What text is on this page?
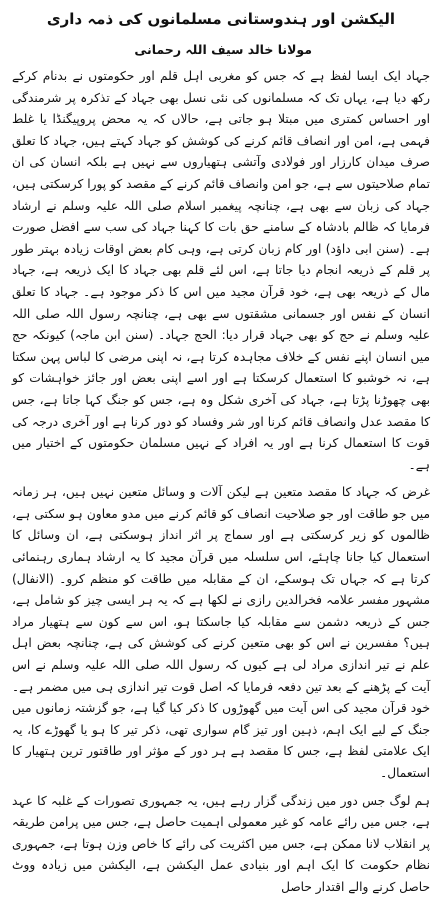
الیکشن اور ہندوستانی مسلمانوں کی ذمہ داری
مولانا خالد سیف اللہ رحمانی

جہاد ایک ایسا لفظ ہے کہ جس کو مغربی اہل قلم اور حکومتوں نے بدنام کرکے رکھ دیا ہے، یہاں تک کہ مسلمانوں کی نئی نسل بھی جہاد کے تذکرہ پر شرمندگی اور احساس کمتری میں مبتلا ہو جاتی ہے، حالاں کہ یہ محض پروپیگنڈا یا غلط فہمی ہے، امن اور انصاف قائم کرنے کی کوشش کو جہاد کہتے ہیں، جہاد کا تعلق صرف میدان کارزار اور فولادی وآتشی ہتھیاروں سے نہیں ہے بلکہ انسان کی ان تمام صلاحیتوں سے ہے، جو امن وانصاف قائم کرنے کے مقصد کو پورا کرسکتی ہیں، جہاد کی زبان سے بھی ہے، چنانچہ پیغمبر اسلام صلی اللہ علیہ وسلم نے ارشاد فرمایا کہ ظالم بادشاہ کے سامنے حق بات کا کہنا جہاد کی سب سے افضل صورت ہے۔ (سنن ابی داؤد) اور کام زبان کرتی ہے، وہی کام بعض اوقات زیادہ بہتر طور پر قلم کے ذریعہ انجام دیا جاتا ہے، اس لئے قلم بھی جہاد کا ایک ذریعہ ہے، جہاد مال کے ذریعہ بھی ہے، خود قرآن مجید میں اس کا ذکر موجود ہے۔ جہاد کا تعلق انسان کے نفس اور جسمانی مشقتوں سے بھی ہے، چنانچہ رسول اللہ صلی اللہ علیہ وسلم نے حج کو بھی جہاد قرار دیا: الحج جہاد۔ (سنن ابن ماجہ) کیونکہ حج میں انسان اپنے نفس کے خلاف مجاہدہ کرتا ہے، نہ اپنی مرضی کا لباس پہن سکتا ہے، نہ خوشبو کا استعمال کرسکتا ہے اور اسے اپنی بعض اور جائز خواہشات کو بھی چھوڑنا پڑتا ہے، جہاد کی آخری شکل وہ ہے، جس کو جنگ کہا جاتا ہے، جس کا مقصد عدل وانصاف قائم کرنا اور شر وفساد کو دور کرنا ہے اور آخری درجہ کی قوت کا استعمال کرنا ہے اور یہ افراد کے نہیں مسلمان حکومتوں کے اختیار میں ہے۔

غرض کہ جہاد کا مقصد متعین ہے لیکن آلات و وسائل متعین نہیں ہیں، ہر زمانہ میں جو طاقت اور جو صلاحیت انصاف کو قائم کرنے میں مدو معاون ہو سکتی ہے، ظالموں کو زیر کرسکتی ہے اور سماج پر اثر انداز ہوسکتی ہے، ان وسائل کا استعمال کیا جانا چاہئے، اس سلسلہ میں قرآن مجید کا یہ ارشاد ہماری رہنمائی کرتا ہے کہ جہاں تک ہوسکے، ان کے مقابلہ میں طاقت کو منظم کرو۔ (الانفال) مشہور مفسر علامہ فخرالدین رازی نے لکھا ہے کہ یہ ہر ایسی چیز کو شامل ہے، جس کے ذریعہ دشمن سے مقابلہ کیا جاسکتا ہو، اس سے کون سے ہتھیار مراد ہیں؟ مفسرین نے اس کو بھی متعین کرنے کی کوشش کی ہے، چنانچہ بعض اہل علم نے تیر اندازی مراد لی ہے کیوں کہ رسول اللہ صلی اللہ علیہ وسلم نے اس آیت کے پڑھنے کے بعد تین دفعہ فرمایا کہ اصل قوت تیر اندازی ہی میں مضمر ہے۔ خود قرآن مجید کی اس آیت میں گھوڑوں کا ذکر کیا گیا ہے، جو گزشتہ زمانوں میں جنگ کے لیے ایک اہم، ذہین اور تیز گام سواری تھی، ذکر تیر کا ہو یا گھوڑے کا، یہ ایک علامتی لفظ ہے، جس کا مقصد ہے ہر دور کے مؤثر اور طاقتور ترین ہتھیار کا استعمال۔

ہم لوگ جس دور میں زندگی گزار رہے ہیں، یہ جمہوری تصورات کے غلبہ کا عہد ہے، جس میں رائے عامہ کو غیر معمولی اہمیت حاصل ہے، جس میں پرامن طریقہ پر انقلاب لانا ممکن ہے، جس میں اکثریت کی رائے کا خاص وزن ہوتا ہے، جمہوری نظام حکومت کا ایک اہم اور بنیادی عمل الیکشن ہے، الیکشن میں زیادہ ووٹ حاصل کرنے والے اقتدار حاصل
